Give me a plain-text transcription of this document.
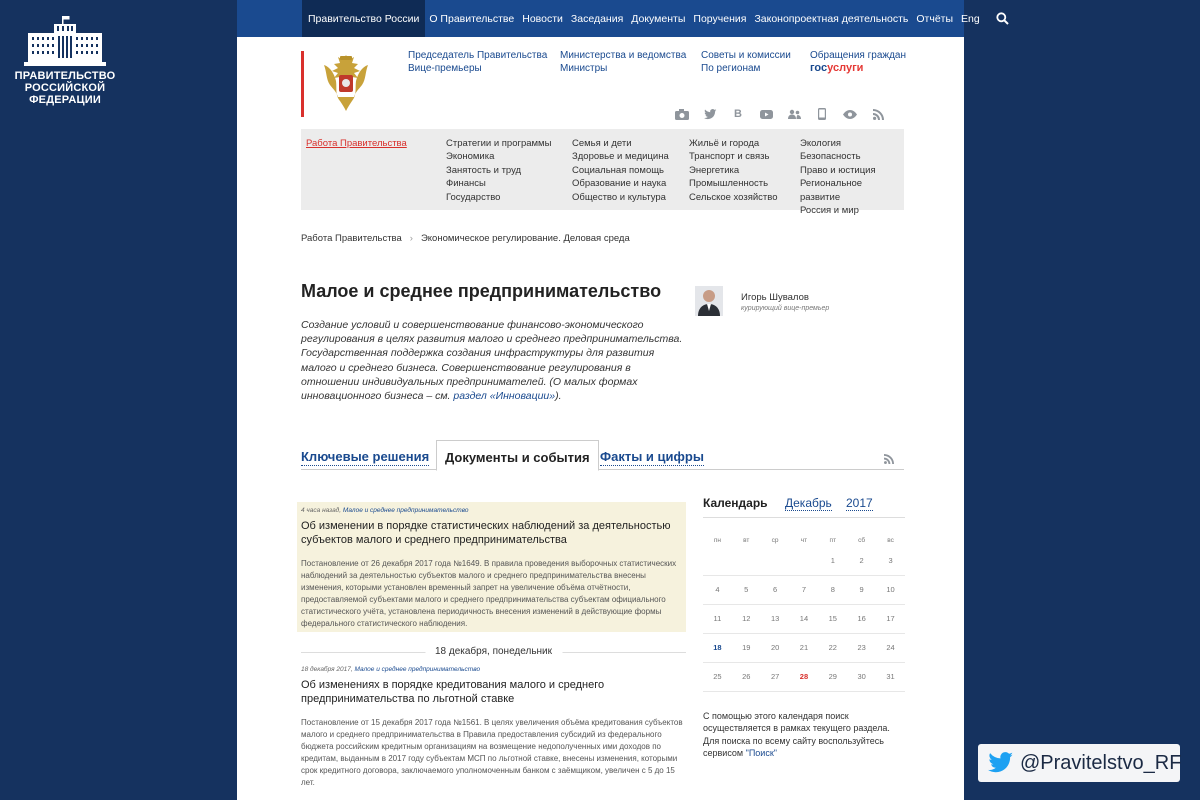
ПРАВИТЕЛЬСТВО
РОССИЙСКОЙ
ФЕДЕРАЦИИ
@Pravitelstvo_RF
Правительство России О Правительстве Новости Заседания Документы Поручения Законопроектная деятельность Отчёты Eng
Председатель Правительства
Вице-премьеры
Министерства и ведомства
Министры
Советы и комиссии
По регионам
Обращения граждан
госуслуги
B
Работа Правительства	Стратегии и программы
Экономика
Занятость и труд
Финансы
Государство
Семья и дети
Здоровье и медицина
Социальная помощь
Образование и наука
Общество и культура
Жильё и города
Транспорт и связь
Энергетика
Промышленность
Сельское хозяйство
Экология
Безопасность
Право и юстиция
Региональное развитие
Россия и мир
Работа Правительства › Экономическое регулирование. Деловая среда
Малое и среднее предпринимательство

Создание условий и совершенствование финансово-экономического регулирования в целях развития малого и среднего предпринимательства. Государственная поддержка создания инфраструктуры для развития малого и среднего бизнеса. Совершенствование регулирования в отношении индивидуальных предпринимателей. (О малых формах инновационного бизнеса – см. раздел «Инновации»).

Игорь Шувалов
курирующий вице-премьер
Ключевые решения	Документы и события Факты и цифры
4 часа назад, Малое и среднее предпринимательство
Об изменении в порядке статистических наблюдений за деятельностью субъектов малого и среднего предпринимательства
Постановление от 26 декабря 2017 года №1649. В правила проведения выборочных статистических наблюдений за деятельностью субъектов малого и среднего предпринимательства внесены изменения, которыми установлен временный запрет на увеличение объёма отчётности, предоставляемой субъектами малого и среднего предпринимательства субъектам официального статистического учёта, установлена периодичность внесения изменений в действующие формы федерального статистического наблюдения.
18 декабря, понедельник
18 декабря 2017, Малое и среднее предпринимательство
Об изменениях в порядке кредитования малого и среднего предпринимательства по льготной ставке
Постановление от 15 декабря 2017 года №1561. В целях увеличения объёма кредитования субъектов малого и среднего предпринимательства в Правила предоставления субсидий из федерального бюджета российским кредитным организациям на возмещение недополученных ими доходов по кредитам, выданным в 2017 году субъектам МСП по льготной ставке, внесены изменения, которыми срок кредитного договора, заключаемого уполномоченным банком с заёмщиком, увеличен с 5 до 15 лет.
Календарь Декабрь 2017
пн	вт	ср	чт	пт	сб	вс
				1	2	3
4	5	6	7	8	9	10
11	12	13	14	15	16	17
18	19	20	21	22	23	24
25	26	27	28	29	30	31
С помощью этого календаря поиск осуществляется в рамках текущего раздела. Для поиска по всему сайту воспользуйтесь сервисом "Поиск"
